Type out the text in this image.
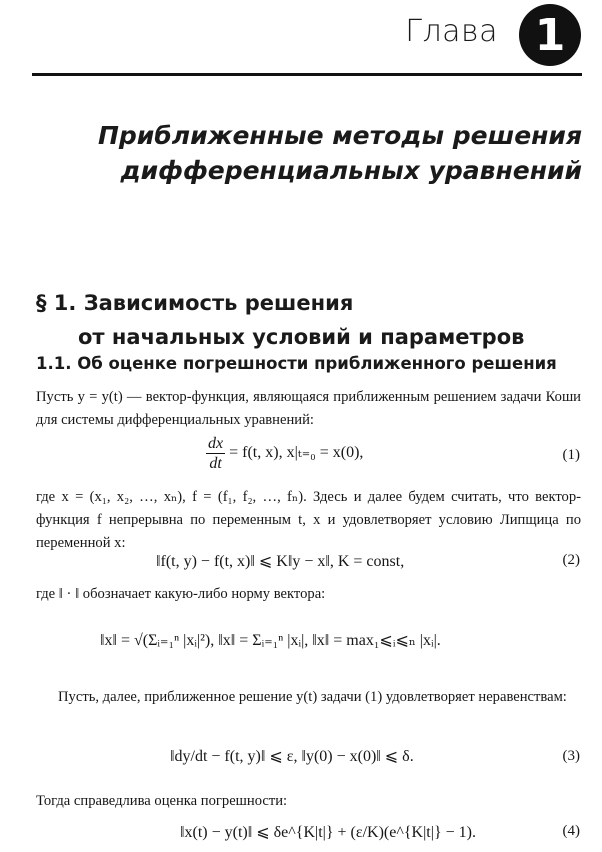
Глава 1
Приближенные методы решения дифференциальных уравнений
§ 1. Зависимость решения
от начальных условий и параметров
1.1. Об оценке погрешности приближенного решения
Пусть y = y(t) — вектор-функция, являющаяся приближенным решением задачи Коши для системы дифференциальных уравнений:
$\frac{dx}{dt} = f(t$, x), x|ₜ₌₀ = x(0),	(1)
где x = (x₁, x₂, …, xₙ), f = (f₁, f₂, …, fₙ). Здесь и далее будем считать, что вектор-функция f непрерывна по переменным t, x и удовлетворяет условию Липщица по переменной x:
‖f(t, y) − f(t, x)‖ ⩽ K‖y − x‖, K = const,	(2)
где ‖ · ‖ обозначает какую-либо норму вектора:
‖x‖ = √(Σᵢ₌₁ⁿ |xᵢ|²), ‖x‖ = Σᵢ₌₁ⁿ |xᵢ|, ‖x‖ = max₁⩽ᵢ⩽ₙ |xᵢ|.
Пусть, далее, приближенное решение y(t) задачи (1) удовлетворяет неравенствам:
‖dy/dt − f(t, y)‖ ⩽ ε, ‖y(0) − x(0)‖ ⩽ δ.	(3)
Тогда справедлива оценка погрешности:
‖x(t) − y(t)‖ ⩽ δe^{K|t|} + (ε/K)(e^{K|t|} − 1).	(4)
